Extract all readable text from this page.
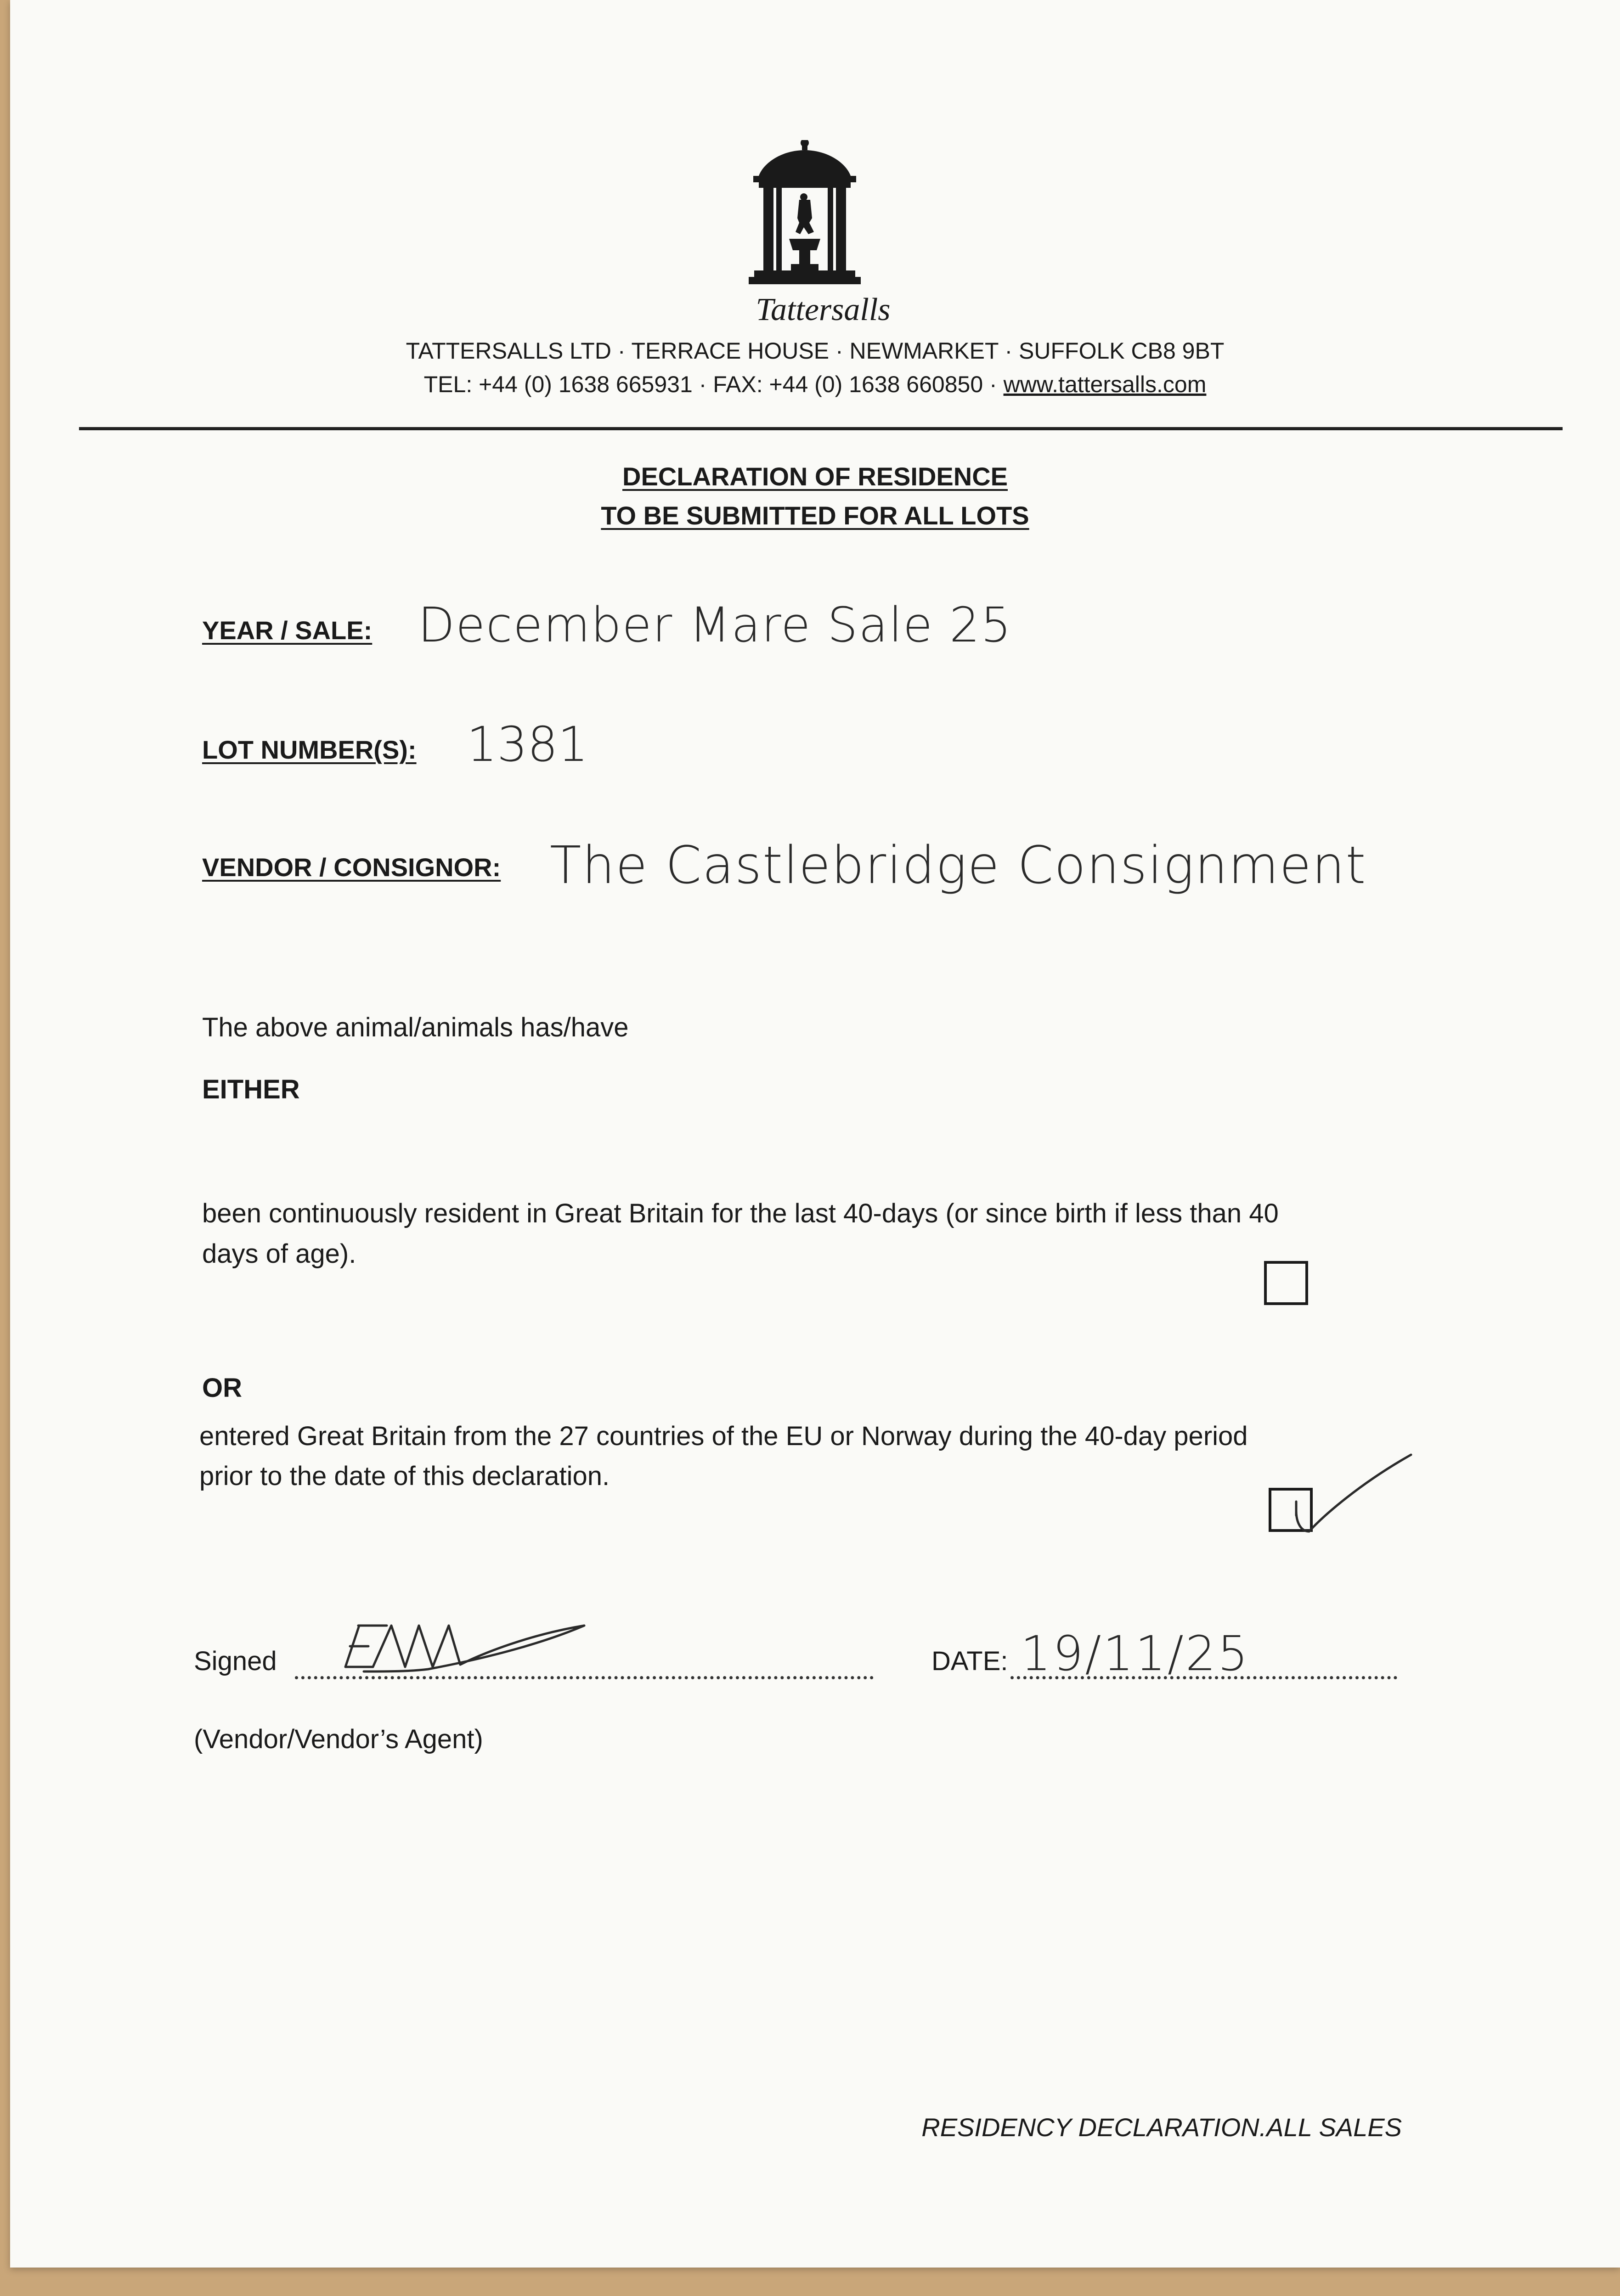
Tattersalls
TATTERSALLS LTD · TERRACE HOUSE · NEWMARKET · SUFFOLK CB8 9BT
TEL: +44 (0) 1638 665931 · FAX: +44 (0) 1638 660850 · www.tattersalls.com
DECLARATION OF RESIDENCE
TO BE SUBMITTED FOR ALL LOTS
YEAR / SALE: December Mare Sale 25
LOT NUMBER(S): 1381
VENDOR / CONSIGNOR: The Castlebridge Consignment
The above animal/animals has/have
EITHER
been continuously resident in Great Britain for the last 40-days (or since birth if less than 40
days of age).
OR
entered Great Britain from the 27 countries of the EU or Norway during the 40-day period
prior to the date of this declaration.
Signed	DATE: 19/11/25
(Vendor/Vendor’s Agent)
RESIDENCY DECLARATION.ALL SALES
